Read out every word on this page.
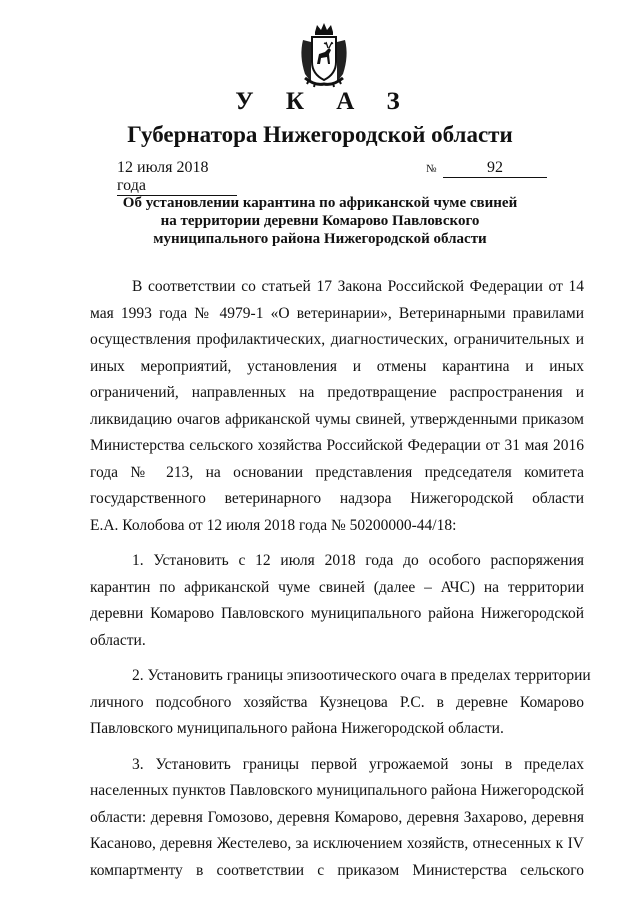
У К А З
Губернатора Нижегородской области
12 июля 2018 года
№	92
Об установлении карантина по африканской чуме свиней
на территории деревни Комарово Павловского
муниципального района Нижегородской области
В соответствии со статьей 17 Закона Российской Федерации от 14
мая 1993 года № 4979-1 «О ветеринарии», Ветеринарными правилами
осуществления профилактических, диагностических, ограничительных и
иных мероприятий, установления и отмены карантина и иных
ограничений, направленных на предотвращение распространения и
ликвидацию очагов африканской чумы свиней, утвержденными приказом
Министерства сельского хозяйства Российской Федерации от 31 мая 2016
года № 213, на основании представления председателя комитета
государственного ветеринарного надзора Нижегородской области
Е.А. Колобова от 12 июля 2018 года № 50200000-44/18:
1. Установить с 12 июля 2018 года до особого распоряжения
карантин по африканской чуме свиней (далее – АЧС) на территории
деревни Комарово Павловского муниципального района Нижегородской
области.
2. Установить границы эпизоотического очага в пределах территории
личного подсобного хозяйства Кузнецова Р.С. в деревне Комарово
Павловского муниципального района Нижегородской области.
3. Установить границы первой угрожаемой зоны в пределах
населенных пунктов Павловского муниципального района Нижегородской
области: деревня Гомозово, деревня Комарово, деревня Захарово, деревня
Касаново, деревня Жестелево, за исключением хозяйств, отнесенных к IV
компартменту в соответствии с приказом Министерства сельского
